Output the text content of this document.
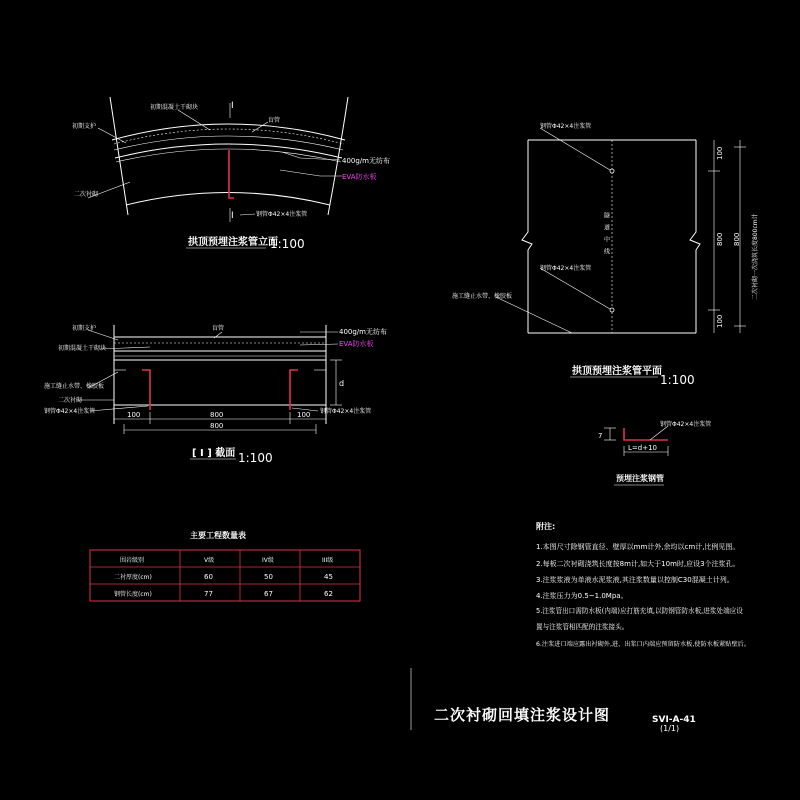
I
I
初期支护
初期混凝土干砌块
盲管
400g/m无纺布
EVA防水板
二次衬砌
钢管Φ42×4注浆管
拱顶预埋注浆管立面
1:100
d
100	800	100
800
初期支护
初期混凝土干砌块
盲管	400g/m无纺布
EVA防水板
施工缝止水带、橡胶板
二次衬砌
钢管Φ42×4注浆管	钢管Φ42×4注浆管
[ I ] 截面 1:100
钢管Φ42×4注浆管
钢管Φ42×4注浆管
施工缝止水带、橡胶板
隧道中线
100
800
100
800 二次衬砌一次浇筑长度800cm计
拱顶预埋注浆管平面
1:100
7
L=d+10
钢管Φ42×4注浆管
预埋注浆钢管
主要工程数量表
围岩级别	V级	IV级	III级
二衬厚度(cm)	60	50	45
钢管长度(cm)	77	67	62
附注:
1.本图尺寸除钢管直径、壁厚以mm计外,余均以cm计,比例见图。
2.每板二次衬砌浇筑长度按8m计,如大于10m时,应设3个注浆孔。
3.注浆浆液为单液水泥浆液,其注浆数量以控制C30混凝土计列。
4.注浆压力为0.5~1.0Mpa。
5.注浆管出口需防水板(内端)应打筋充填,以防钢管防水板,进浆处端应设
置与注浆管相匹配的注浆接头。
6.注浆进口端应露出衬砌外,进、出浆口内端应预留防水板,使防水板紧贴壁后。
二次衬砌回填注浆设计图	SVI-A-41
(1/1)
